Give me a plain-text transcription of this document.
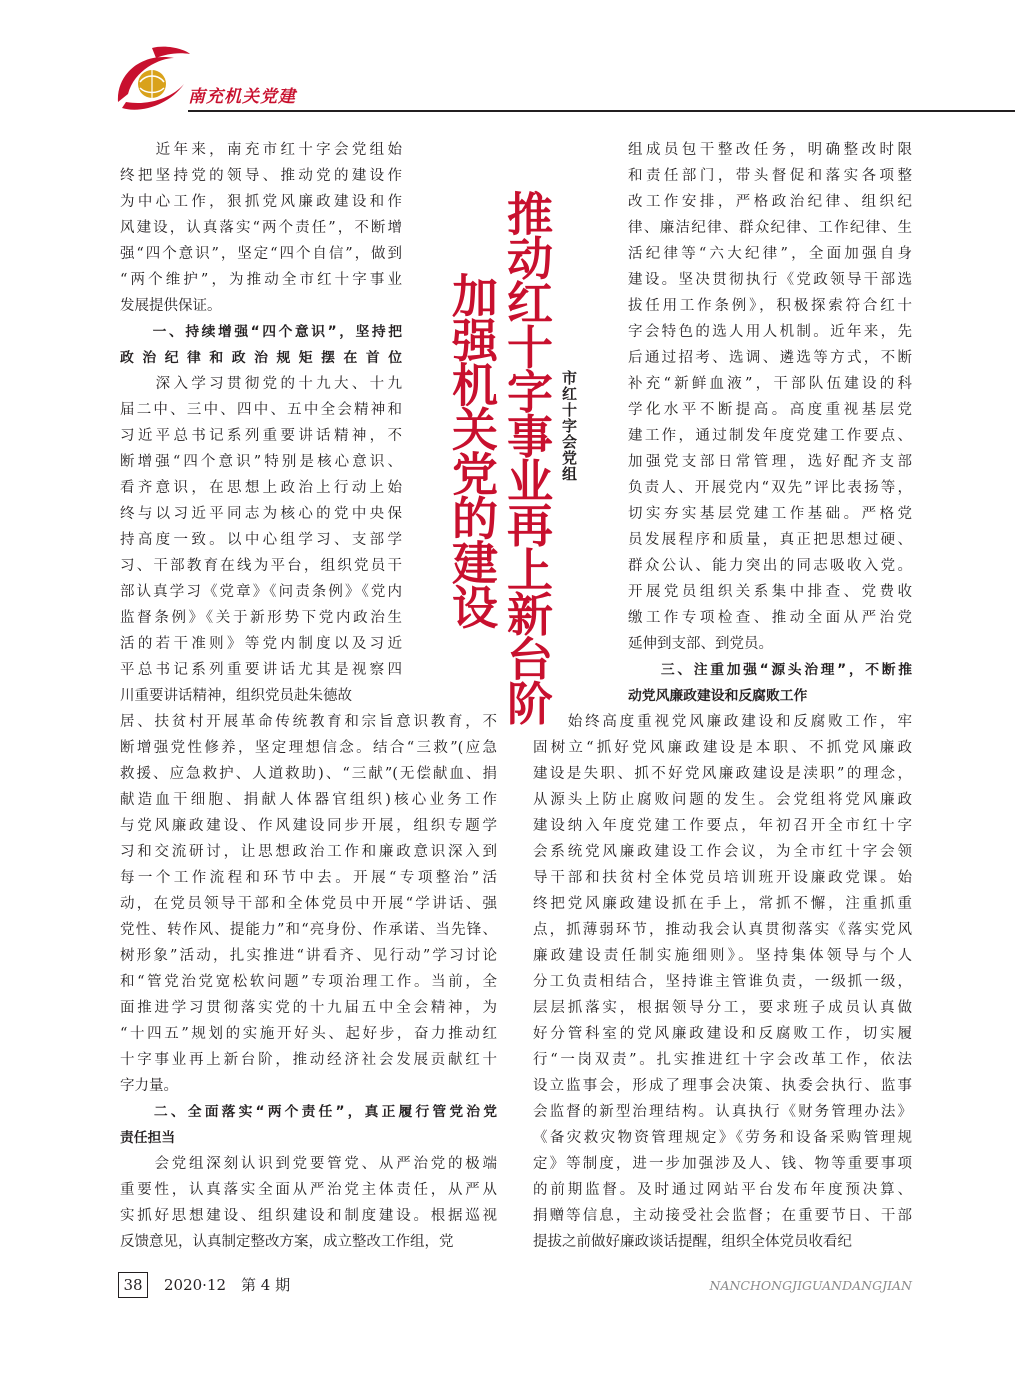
南充机关党建
推动红十字事业再上新台阶
加强机关党的建设	市红十字会党组
　　近年来，南充市红十字会党组始
终把坚持党的领导、推动党的建设作
为中心工作，狠抓党风廉政建设和作
风建设，认真落实“两个责任”，不断增
强“四个意识”，坚定“四个自信”，做到
“两个维护”，为推动全市红十字事业
发展提供保证。
　　一、持续增强“四个意识”，坚持把
政治纪律和政治规矩摆在首位
　　深入学习贯彻党的十九大、十九
届二中、三中、四中、五中全会精神和
习近平总书记系列重要讲话精神，不
断增强“四个意识”特别是核心意识、
看齐意识，在思想上政治上行动上始
终与以习近平同志为核心的党中央保
持高度一致。以中心组学习、支部学
习、干部教育在线为平台，组织党员干
部认真学习《党章》《问责条例》《党内
监督条例》《关于新形势下党内政治生
活的若干准则》等党内制度以及习近
平总书记系列重要讲话尤其是视察四
川重要讲话精神，组织党员赴朱德故
居、扶贫村开展革命传统教育和宗旨意识教育，不
断增强党性修养，坚定理想信念。结合“三救”(应急
救援、应急救护、人道救助)、“三献”(无偿献血、捐
献造血干细胞、捐献人体器官组织)核心业务工作
与党风廉政建设、作风建设同步开展，组织专题学
习和交流研讨，让思想政治工作和廉政意识深入到
每一个工作流程和环节中去。开展“专项整治”活
动，在党员领导干部和全体党员中开展“学讲话、强
党性、转作风、提能力”和“亮身份、作承诺、当先锋、
树形象”活动，扎实推进“讲看齐、见行动”学习讨论
和“管党治党宽松软问题”专项治理工作。当前，全
面推进学习贯彻落实党的十九届五中全会精神，为
“十四五”规划的实施开好头、起好步，奋力推动红
十字事业再上新台阶，推动经济社会发展贡献红十
字力量。
　　二、全面落实“两个责任”，真正履行管党治党
责任担当
　　会党组深刻认识到党要管党、从严治党的极端
重要性，认真落实全面从严治党主体责任，从严从
实抓好思想建设、组织建设和制度建设。根据巡视
反馈意见，认真制定整改方案，成立整改工作组，党
组成员包干整改任务，明确整改时限
和责任部门，带头督促和落实各项整
改工作安排，严格政治纪律、组织纪
律、廉洁纪律、群众纪律、工作纪律、生
活纪律等“六大纪律”，全面加强自身
建设。坚决贯彻执行《党政领导干部选
拔任用工作条例》，积极探索符合红十
字会特色的选人用人机制。近年来，先
后通过招考、选调、遴选等方式，不断
补充“新鲜血液”，干部队伍建设的科
学化水平不断提高。高度重视基层党
建工作，通过制发年度党建工作要点、
加强党支部日常管理，选好配齐支部
负责人、开展党内“双先”评比表扬等，
切实夯实基层党建工作基础。严格党
员发展程序和质量，真正把思想过硬、
群众公认、能力突出的同志吸收入党。
开展党员组织关系集中排查、党费收
缴工作专项检查、推动全面从严治党
延伸到支部、到党员。
　　三、注重加强“源头治理”，不断推
动党风廉政建设和反腐败工作
　　始终高度重视党风廉政建设和反腐败工作，牢
固树立“抓好党风廉政建设是本职、不抓党风廉政
建设是失职、抓不好党风廉政建设是渎职”的理念，
从源头上防止腐败问题的发生。会党组将党风廉政
建设纳入年度党建工作要点，年初召开全市红十字
会系统党风廉政建设工作会议，为全市红十字会领
导干部和扶贫村全体党员培训班开设廉政党课。始
终把党风廉政建设抓在手上，常抓不懈，注重抓重
点，抓薄弱环节，推动我会认真贯彻落实《落实党风
廉政建设责任制实施细则》。坚持集体领导与个人
分工负责相结合，坚持谁主管谁负责，一级抓一级，
层层抓落实，根据领导分工，要求班子成员认真做
好分管科室的党风廉政建设和反腐败工作，切实履
行“一岗双责”。扎实推进红十字会改革工作，依法
设立监事会，形成了理事会决策、执委会执行、监事
会监督的新型治理结构。认真执行《财务管理办法》
《备灾救灾物资管理规定》《劳务和设备采购管理规
定》等制度，进一步加强涉及人、钱、物等重要事项
的前期监督。及时通过网站平台发布年度预决算、
捐赠等信息，主动接受社会监督；在重要节日、干部
提拔之前做好廉政谈话提醒，组织全体党员收看纪
38	2020·12　第 4 期	NANCHONGJIGUANDANGJIAN
